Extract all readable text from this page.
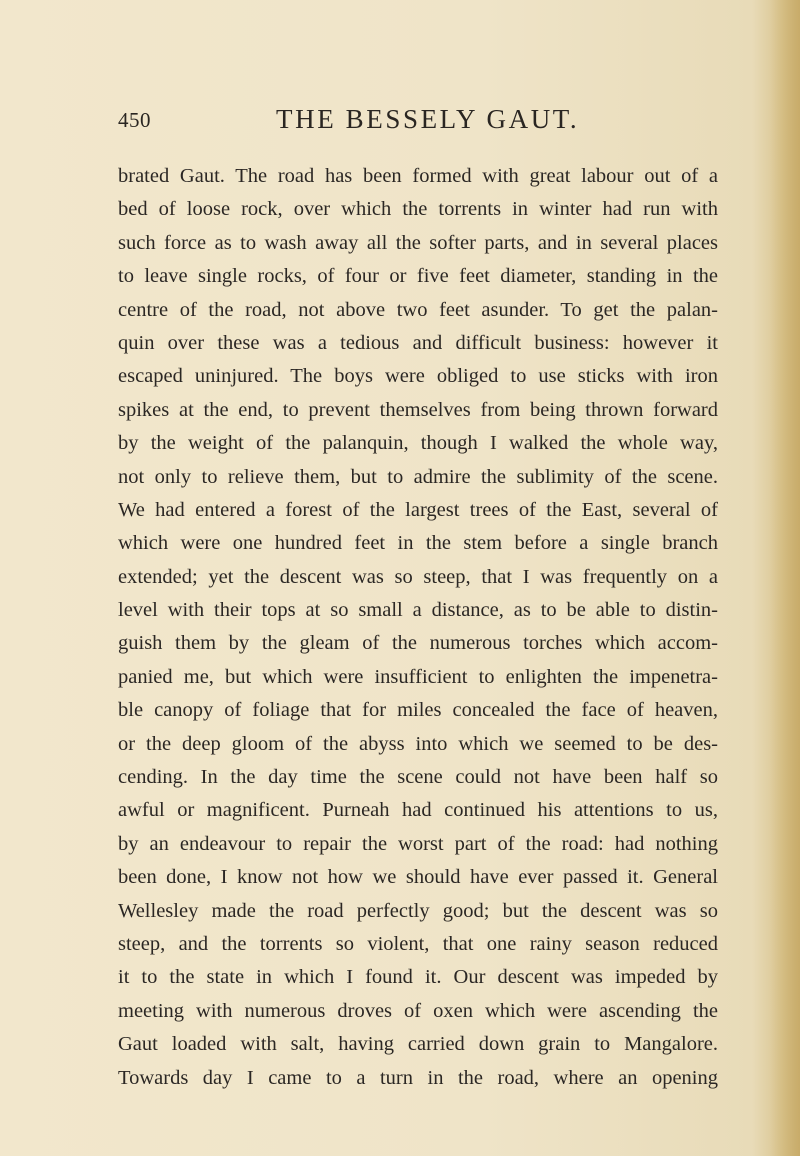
450	THE BESSELY GAUT.
brated Gaut. The road has been formed with great labour out of a
bed of loose rock, over which the torrents in winter had run with
such force as to wash away all the softer parts, and in several places
to leave single rocks, of four or five feet diameter, standing in the
centre of the road, not above two feet asunder. To get the palan-
quin over these was a tedious and difficult business: however it
escaped uninjured. The boys were obliged to use sticks with iron
spikes at the end, to prevent themselves from being thrown forward
by the weight of the palanquin, though I walked the whole way,
not only to relieve them, but to admire the sublimity of the scene.
We had entered a forest of the largest trees of the East, several of
which were one hundred feet in the stem before a single branch
extended; yet the descent was so steep, that I was frequently on a
level with their tops at so small a distance, as to be able to distin-
guish them by the gleam of the numerous torches which accom-
panied me, but which were insufficient to enlighten the impenetra-
ble canopy of foliage that for miles concealed the face of heaven,
or the deep gloom of the abyss into which we seemed to be des-
cending. In the day time the scene could not have been half so
awful or magnificent. Purneah had continued his attentions to us,
by an endeavour to repair the worst part of the road: had nothing
been done, I know not how we should have ever passed it. General
Wellesley made the road perfectly good; but the descent was so
steep, and the torrents so violent, that one rainy season reduced
it to the state in which I found it. Our descent was impeded by
meeting with numerous droves of oxen which were ascending the
Gaut loaded with salt, having carried down grain to Mangalore.
Towards day I came to a turn in the road, where an opening
